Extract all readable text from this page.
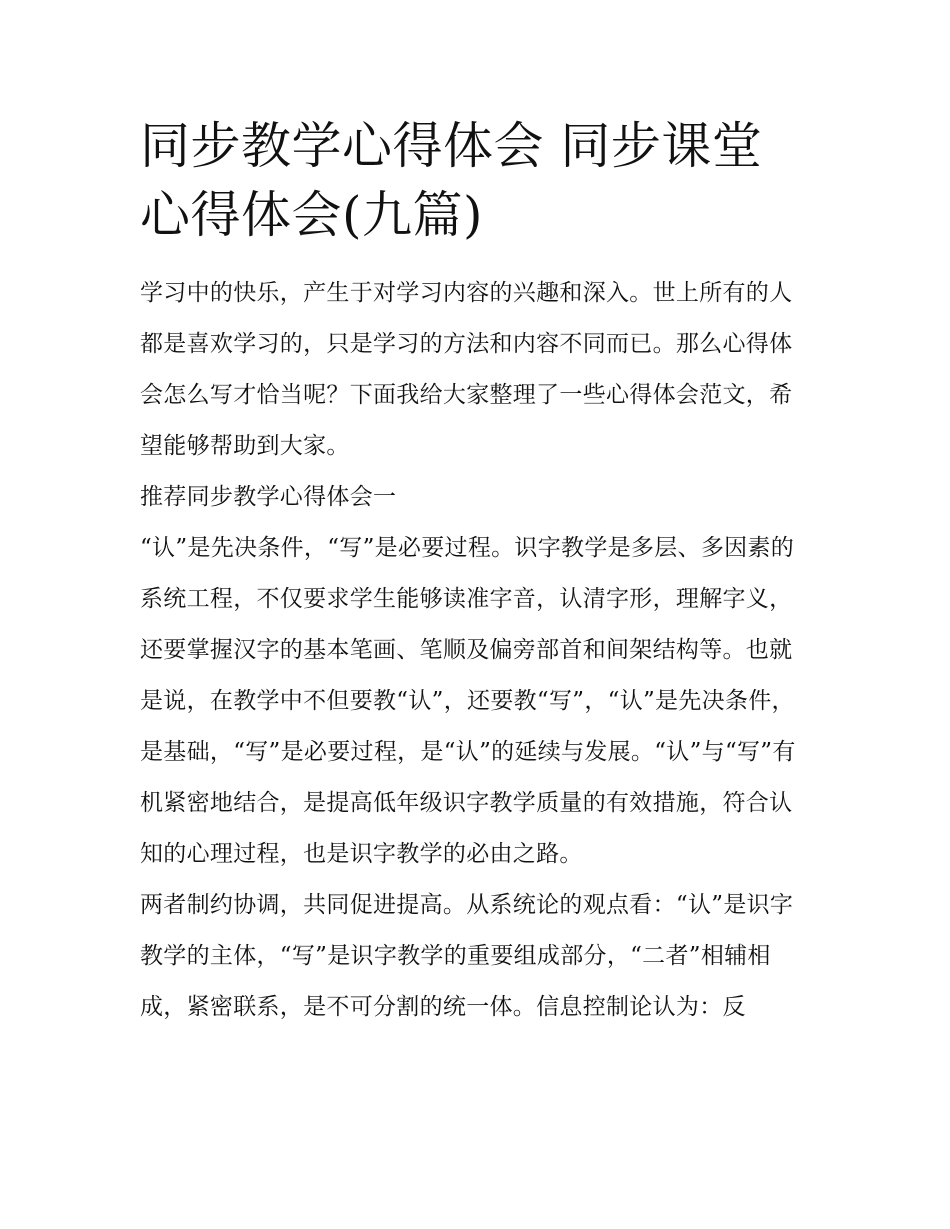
同步教学心得体会 同步课堂心得体会(九篇)

学习中的快乐，产生于对学习内容的兴趣和深入。世上所有的人都是喜欢学习的，只是学习的方法和内容不同而已。那么心得体会怎么写才恰当呢？下面我给大家整理了一些心得体会范文，希望能够帮助到大家。

推荐同步教学心得体会一

“认”是先决条件，“写”是必要过程。识字教学是多层、多因素的系统工程，不仅要求学生能够读准字音，认清字形，理解字义，还要掌握汉字的基本笔画、笔顺及偏旁部首和间架结构等。也就是说，在教学中不但要教“认”，还要教“写”，“认”是先决条件，是基础，“写”是必要过程，是“认”的延续与发展。“认”与“写”有机紧密地结合，是提高低年级识字教学质量的有效措施，符合认知的心理过程，也是识字教学的必由之路。

两者制约协调，共同促进提高。从系统论的观点看：“认”是识字教学的主体，“写”是识字教学的重要组成部分，“二者”相辅相成，紧密联系，是不可分割的统一体。信息控制论认为：反
